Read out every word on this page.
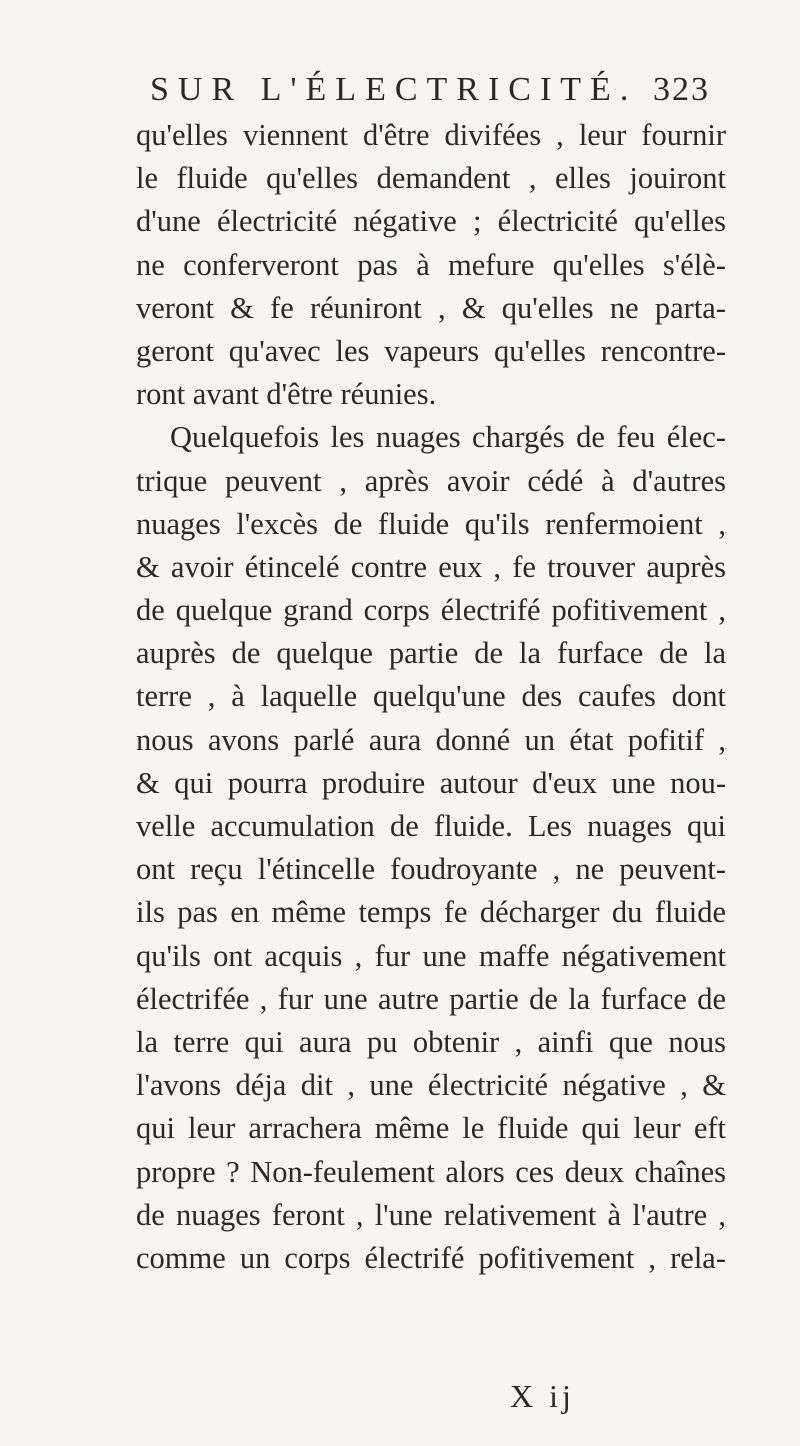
SUR L'ÉLECTRICITÉ. 323
qu'elles viennent d'être divifées , leur fournir
le fluide qu'elles demandent , elles jouiront
d'une électricité négative ; électricité qu'elles
ne conferveront pas à mefure qu'elles s'élè-
veront & fe réuniront , & qu'elles ne parta-
geront qu'avec les vapeurs qu'elles rencontre-
ront avant d'être réunies.
Quelquefois les nuages chargés de feu élec-
trique peuvent , après avoir cédé à d'autres
nuages l'excès de fluide qu'ils renfermoient ,
& avoir étincelé contre eux , fe trouver auprès
de quelque grand corps électrifé pofitivement ,
auprès de quelque partie de la furface de la
terre , à laquelle quelqu'une des caufes dont
nous avons parlé aura donné un état pofitif ,
& qui pourra produire autour d'eux une nou-
velle accumulation de fluide. Les nuages qui
ont reçu l'étincelle foudroyante , ne peuvent-
ils pas en même temps fe décharger du fluide
qu'ils ont acquis , fur une maffe négativement
électrifée , fur une autre partie de la furface de
la terre qui aura pu obtenir , ainfi que nous
l'avons déja dit , une électricité négative , &
qui leur arrachera même le fluide qui leur eft
propre ? Non-feulement alors ces deux chaînes
de nuages feront , l'une relativement à l'autre ,
comme un corps électrifé pofitivement , rela-
X ij
